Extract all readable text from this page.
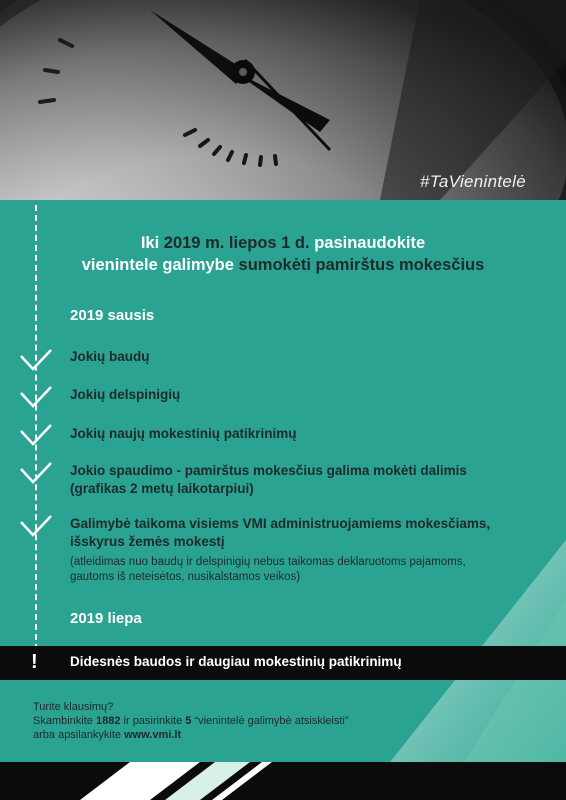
#TaVienintelė
Iki 2019 m. liepos 1 d. pasinaudokite
vienintele galimybe sumokėti pamirštus mokesčius
2019 sausis
Jokių baudų
Jokių delspinigių
Jokių naujų mokestinių patikrinimų
Jokio spaudimo - pamirštus mokesčius galima mokėti dalimis
(grafikas 2 metų laikotarpiui)
Galimybė taikoma visiems VMI administruojamiems mokesčiams,
išskyrus žemės mokestį
(atleidimas nuo baudų ir delspinigių nebus taikomas deklaruotoms pajamoms,
gautoms iš neteisėtos, nusikalstamos veikos)
2019 liepa
! Didesnės baudos ir daugiau mokestinių patikrinimų
Turite klausimų?
Skambinkite 1882 ir pasirinkite 5 “vienintelė galimybė atsiskleisti”
arba apsilankykite www.vmi.lt
